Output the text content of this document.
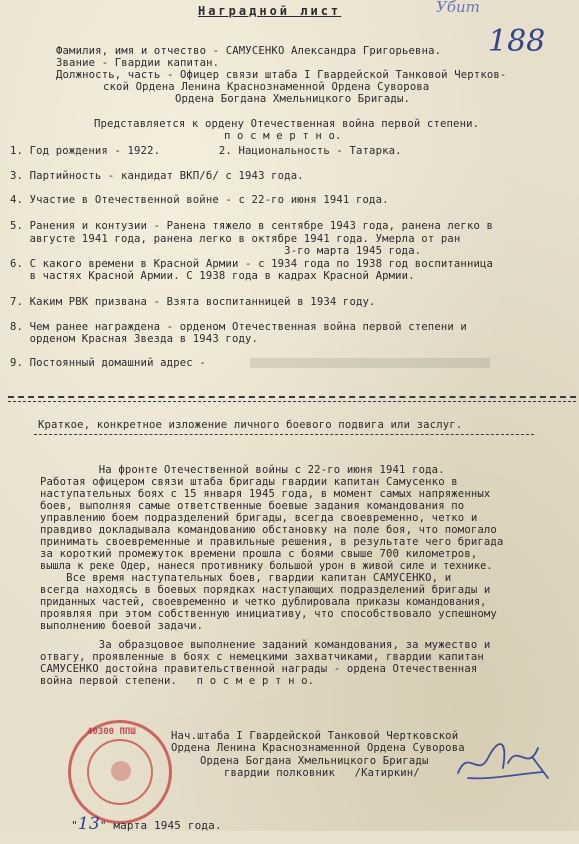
Наградной лист	Убит
188
Фамилия, имя и отчество - САМУСЕНКО Александра Григорьевна.
Звание - Гвардии капитан.
Должность, часть - Офицер связи штаба I Гвардейской Танковой Чертков-
ской Ордена Ленина Краснознаменной Ордена Суворова
Ордена Богдана Хмельницкого Бригады.
Представляется к ордену Отечественная война первой степени.
п о с м е р т н о.
1. Год рождения - 1922.         2. Национальность - Татарка.
3. Партийность - кандидат ВКП/б/ с 1943 года.
4. Участие в Отечественной войне - с 22-го июня 1941 года.
5. Ранения и контузии - Ранена тяжело в сентябре 1943 года, ранена легко в
августе 1941 года, ранена легко в октябре 1941 года. Умерла от ран
3-го марта 1945 года.
6. С какого времени в Красной Армии - с 1934 года по 1938 год воспитанница
в частях Красной Армии. С 1938 года в кадрах Красной Армии.
7. Каким РВК призвана - Взята воспитанницей в 1934 году.
8. Чем ранее награждена - орденом Отечественная война первой степени и
орденом Красная Звезда в 1943 году.
9. Постоянный домашний адрес -
Краткое, конкретное изложение личного боевого подвига или заслуг.
На фронте Отечественной войны с 22-го июня 1941 года.
Работая офицером связи штаба бригады гвардии капитан Самусенко в
наступательных боях с 15 января 1945 года, в момент самых напряженных
боев, выполняя самые ответственные боевые задания командования по
управлению боем подразделений бригады, всегда своевременно, четко и
правдиво докладывала командованию обстановку на поле боя, что помогало
принимать своевременные и правильные решения, в результате чего бригада
за короткий промежуток времени прошла с боями свыше 700 километров,
вышла к реке Одер, нанеся противнику большой урон в живой силе и технике.
Все время наступательных боев, гвардии капитан САМУСЕНКО, и
всегда находясь в боевых порядках наступающих подразделений бригады и
приданных частей, своевременно и четко дублировала приказы командования,
проявляя при этом собственную инициативу, что способствовало успешному
выполнению боевой задачи.
За образцовое выполнение заданий командования, за мужество и
отвагу, проявленные в боях с немецкими захватчиками, гвардии капитан
САМУСЕНКО достойна правительственной награды - ордена Отечественная
война первой степени.   п о с м е р т н о.
40300 ППШ	Нач.штаба I Гвардейской Танковой Чертковской
Ордена Ленина Краснознаменной Ордена Суворова
Ордена Богдана Хмельницкого Бригады
гвардии полковник   /Катиркин/

"13" марта 1945 года.
